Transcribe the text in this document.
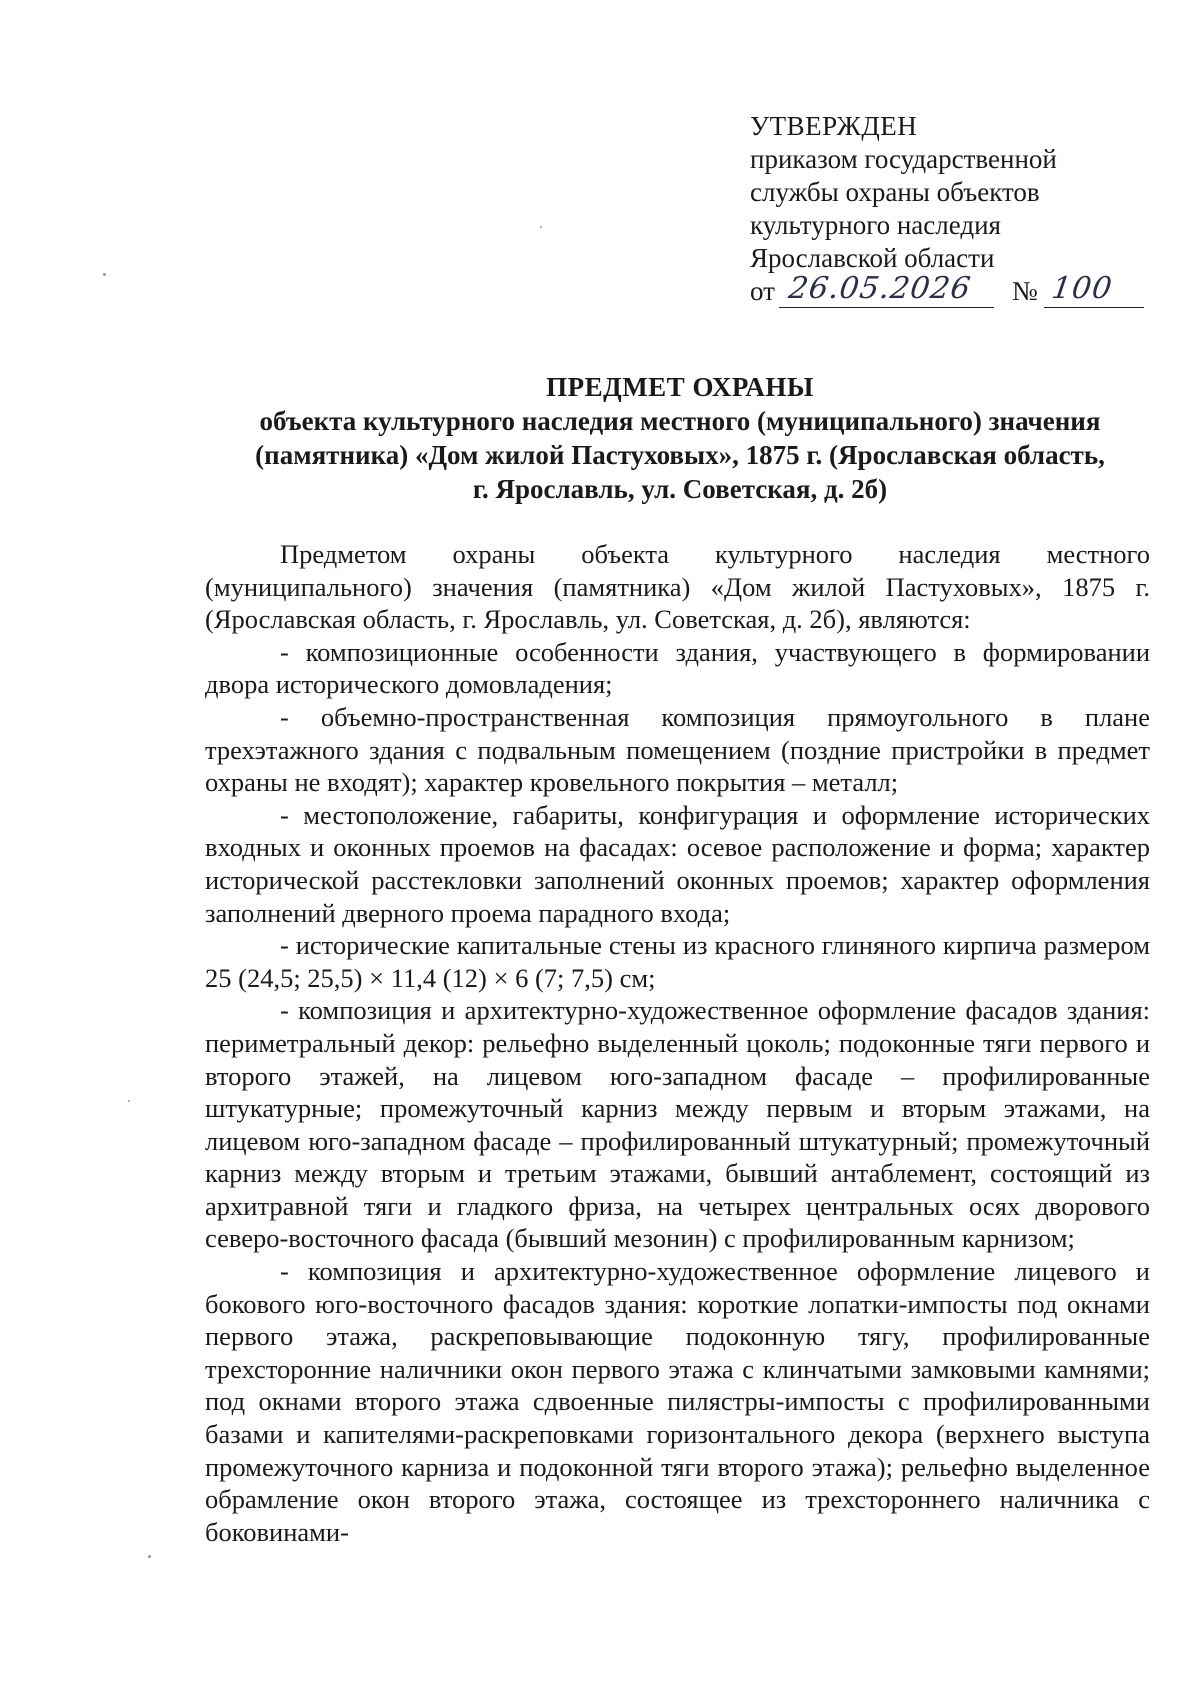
УТВЕРЖДЕН
приказом государственной
службы охраны объектов
культурного наследия
Ярославской области
от 26.05.2026 № 100
ПРЕДМЕТ ОХРАНЫ
объекта культурного наследия местного (муниципального) значения
(памятника) «Дом жилой Пастуховых», 1875 г. (Ярославская область,
г. Ярославль, ул. Советская, д. 2б)

Предметом охраны объекта культурного наследия местного (муниципального) значения (памятника) «Дом жилой Пастуховых», 1875 г. (Ярославская область, г. Ярославль, ул. Советская, д. 2б), являются:

- композиционные особенности здания, участвующего в формировании двора исторического домовладения;

- объемно-пространственная композиция прямоугольного в плане трехэтажного здания с подвальным помещением (поздние пристройки в предмет охраны не входят); характер кровельного покрытия – металл;

- местоположение, габариты, конфигурация и оформление исторических входных и оконных проемов на фасадах: осевое расположение и форма; характер исторической расстекловки заполнений оконных проемов; характер оформления заполнений дверного проема парадного входа;

- исторические капитальные стены из красного глиняного кирпича размером 25 (24,5; 25,5) × 11,4 (12) × 6 (7; 7,5) см;

- композиция и архитектурно-художественное оформление фасадов здания: периметральный декор: рельефно выделенный цоколь; подоконные тяги первого и второго этажей, на лицевом юго-западном фасаде – профилированные штукатурные; промежуточный карниз между первым и вторым этажами, на лицевом юго-западном фасаде – профилированный штукатурный; промежуточный карниз между вторым и третьим этажами, бывший антаблемент, состоящий из архитравной тяги и гладкого фриза, на четырех центральных осях дворового северо-восточного фасада (бывший мезонин) с профилированным карнизом;

- композиция и архитектурно-художественное оформление лицевого и бокового юго-восточного фасадов здания: короткие лопатки-импосты под окнами первого этажа, раскреповывающие подоконную тягу, профилированные трехсторонние наличники окон первого этажа с клинчатыми замковыми камнями; под окнами второго этажа сдвоенные пилястры-импосты с профилированными базами и капителями-раскреповками горизонтального декора (верхнего выступа промежуточного карниза и подоконной тяги второго этажа); рельефно выделенное обрамление окон второго этажа, состоящее из трехстороннего наличника с боковинами-
